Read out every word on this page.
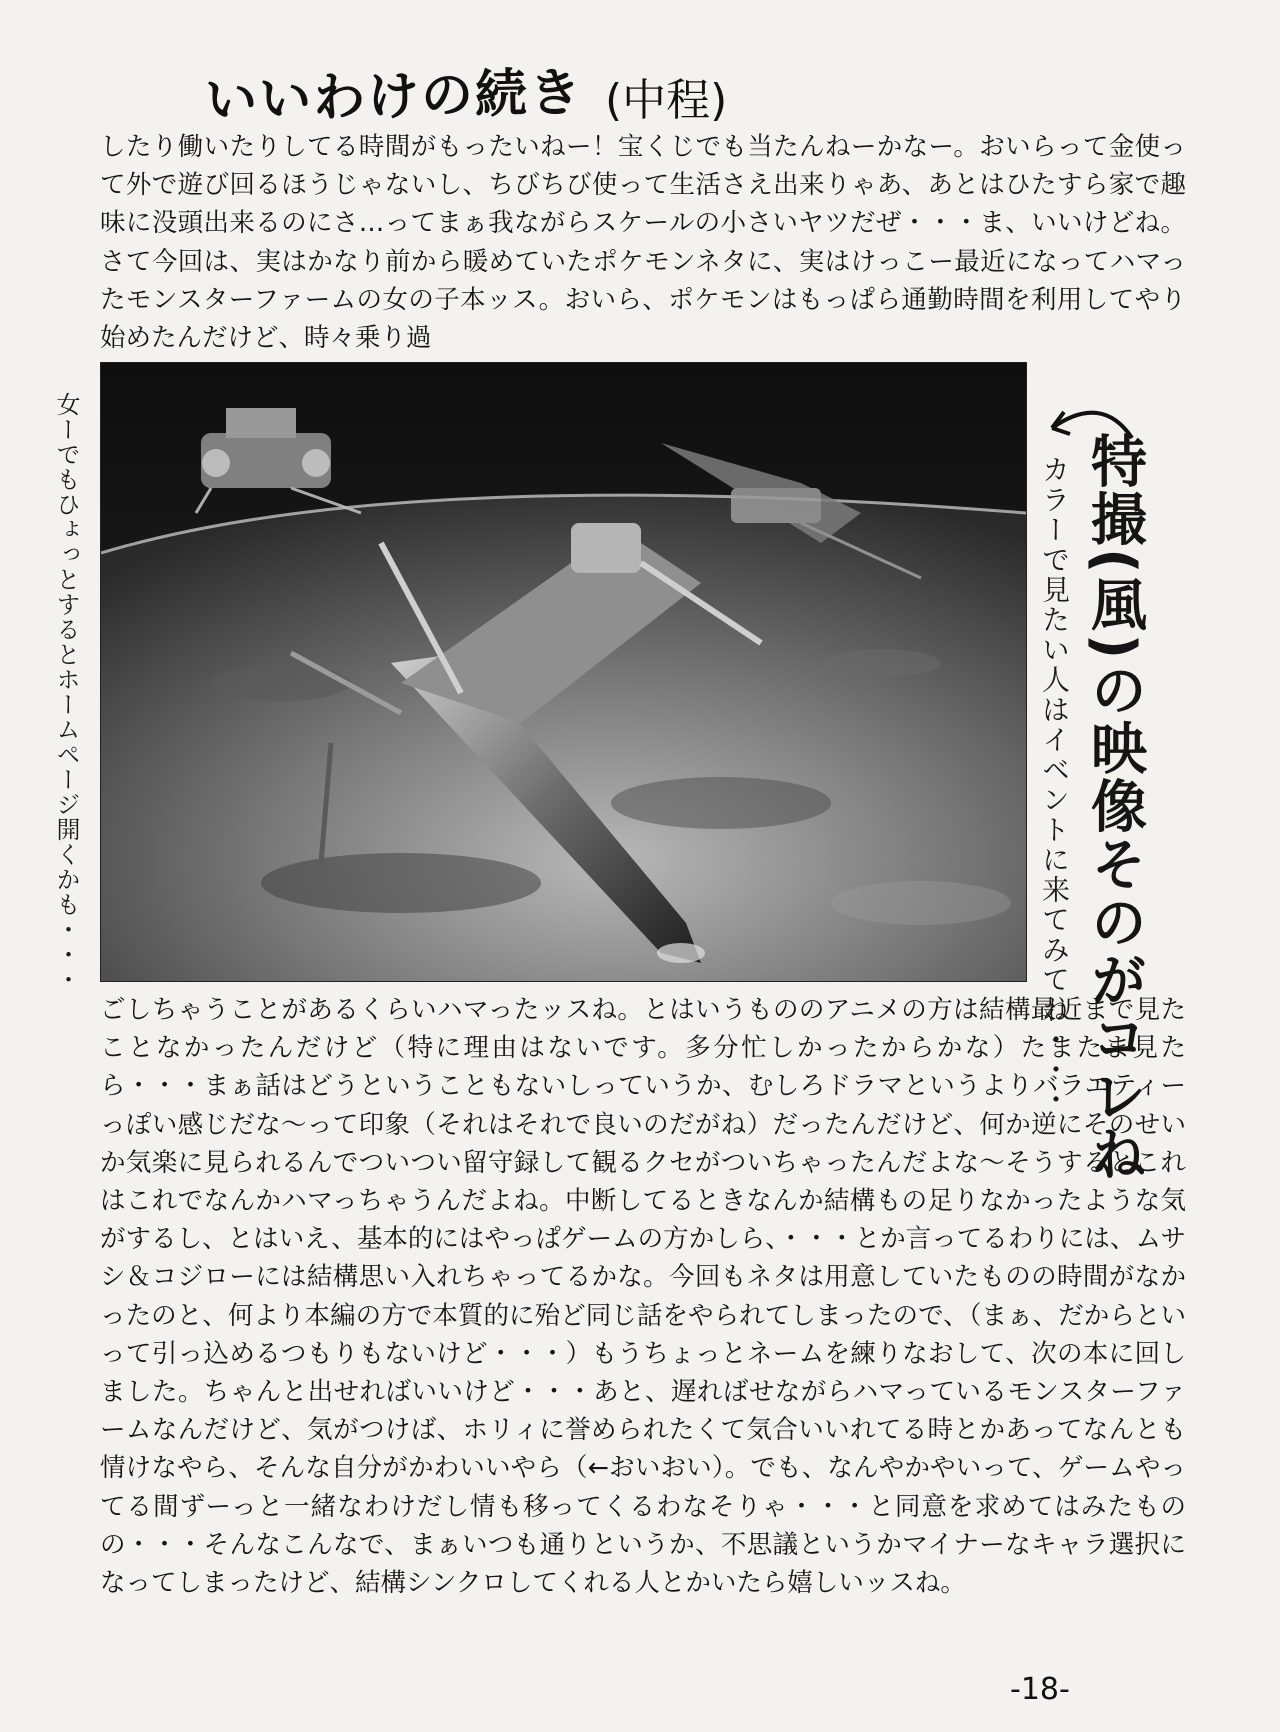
いいわけの続き (中程)

したり働いたりしてる時間がもったいねー！宝くじでも当たんねーかなー。おいらって金使って外で遊び回るほうじゃないし、ちびちび使って生活さえ出来りゃあ、あとはひたすら家で趣味に没頭出来るのにさ…ってまぁ我ながらスケールの小さいヤツだぜ・・・ま、いいけどね。さて今回は、実はかなり前から暖めていたポケモンネタに、実はけっこー最近になってハマったモンスターファームの女の子本ッス。おいら、ポケモンはもっぱら通勤時間を利用してやり始めたんだけど、時々乗り過

女ーでもひょっとするとホームページ開くかも・・・	カラーで見たい人はイベントに来てみてね・・・ 特撮(風)の映像そのがコレね

ごしちゃうことがあるくらいハマったッスね。とはいうもののアニメの方は結構最近まで見たことなかったんだけど（特に理由はないです。多分忙しかったからかな）たまたま見たら・・・まぁ話はどうということもないしっていうか、むしろドラマというよりバラエティーっぽい感じだな～って印象（それはそれで良いのだがね）だったんだけど、何か逆にそのせいか気楽に見られるんでついつい留守録して観るクセがついちゃったんだよな～そうするとこれはこれでなんかハマっちゃうんだよね。中断してるときなんか結構もの足りなかったような気がするし、とはいえ、基本的にはやっぱゲームの方かしら、・・・とか言ってるわりには、ムサシ＆コジローには結構思い入れちゃってるかな。今回もネタは用意していたものの時間がなかったのと、何より本編の方で本質的に殆ど同じ話をやられてしまったので、（まぁ、だからといって引っ込めるつもりもないけど・・・）もうちょっとネームを練りなおして、次の本に回しました。ちゃんと出せればいいけど・・・あと、遅ればせながらハマっているモンスターファームなんだけど、気がつけば、ホリィに誉められたくて気合いいれてる時とかあってなんとも情けなやら、そんな自分がかわいいやら（←おいおい）。でも、なんやかやいって、ゲームやってる間ずーっと一緒なわけだし情も移ってくるわなそりゃ・・・と同意を求めてはみたものの・・・そんなこんなで、まぁいつも通りというか、不思議というかマイナーなキャラ選択になってしまったけど、結構シンクロしてくれる人とかいたら嬉しいッスね。

-18-
